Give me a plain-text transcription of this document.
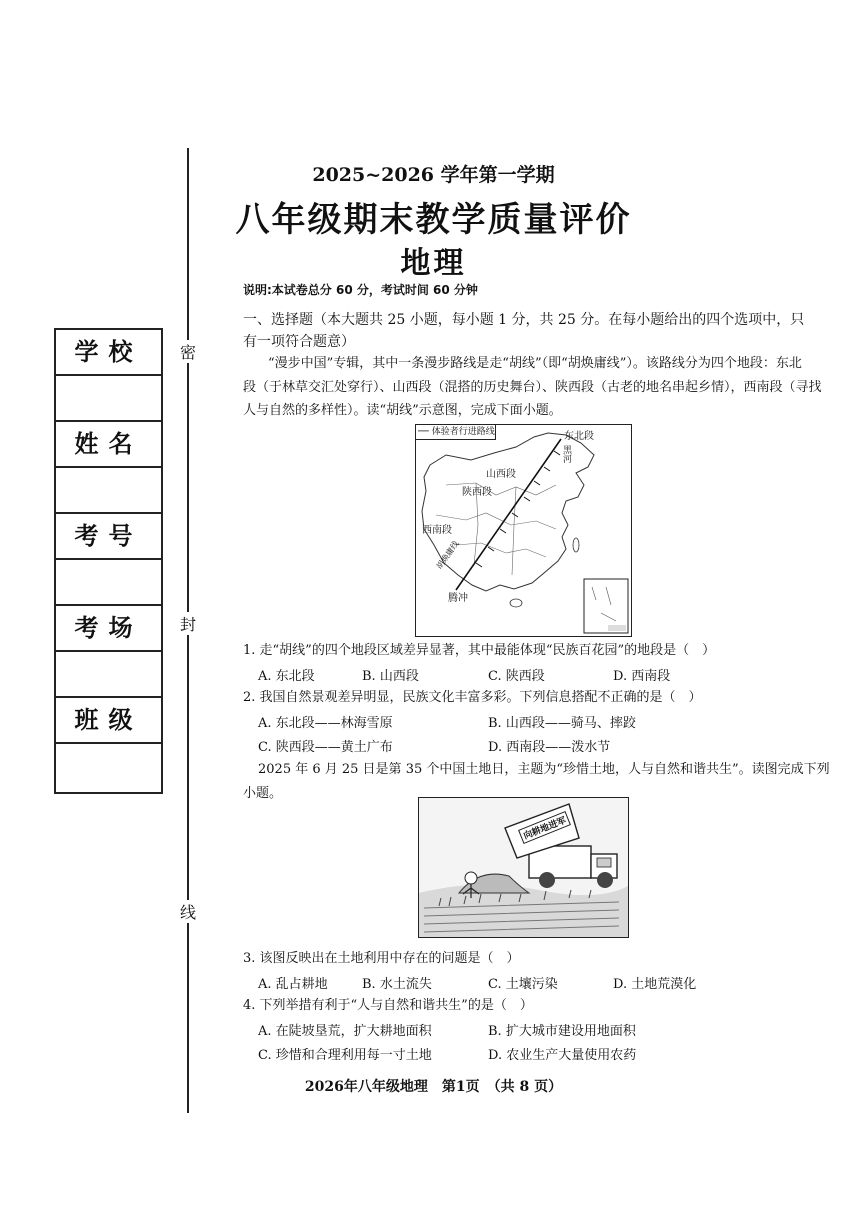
密
封
线
学校
姓名
考号
考场
班级
2025~2026 学年第一学期
八年级期末教学质量评价
地理
说明:本试卷总分 60 分，考试时间 60 分钟
一、选择题（本大题共 25 小题，每小题 1 分，共 25 分。在每小题给出的四个选项中，只
有一项符合题意）
“漫步中国”专辑，其中一条漫步路线是走“胡线”（即“胡焕庸线”）。该路线分为四个地段：东北
段（于林草交汇处穿行）、山西段（混搭的历史舞台）、陕西段（古老的地名串起乡情），西南段（寻找
人与自然的多样性）。读“胡线”示意图，完成下面小题。
── 体验者行进路线	东北段
黑河
山西段
陕西段
西南段
腾冲
胡焕庸线
1. 走“胡线”的四个地段区域差异显著，其中最能体现“民族百花园”的地段是（　）
A. 东北段	B. 山西段	C. 陕西段	D. 西南段
2. 我国自然景观差异明显，民族文化丰富多彩。下列信息搭配不正确的是（　）
A. 东北段——林海雪原	B. 山西段——骑马、摔跤
C. 陕西段——黄土广布	D. 西南段——泼水节
2025 年 6 月 25 日是第 35 个中国土地日，主题为“珍惜土地，人与自然和谐共生”。读图完成下列
小题。
向耕地进军
3. 该图反映出在土地利用中存在的问题是（　）
A. 乱占耕地	B. 水土流失	C. 土壤污染	D. 土地荒漠化
4. 下列举措有利于“人与自然和谐共生”的是（　）
A. 在陡坡垦荒，扩大耕地面积	B. 扩大城市建设用地面积
C. 珍惜和合理利用每一寸土地	D. 农业生产大量使用农药
2026年八年级地理　第1页　（共 8 页）
